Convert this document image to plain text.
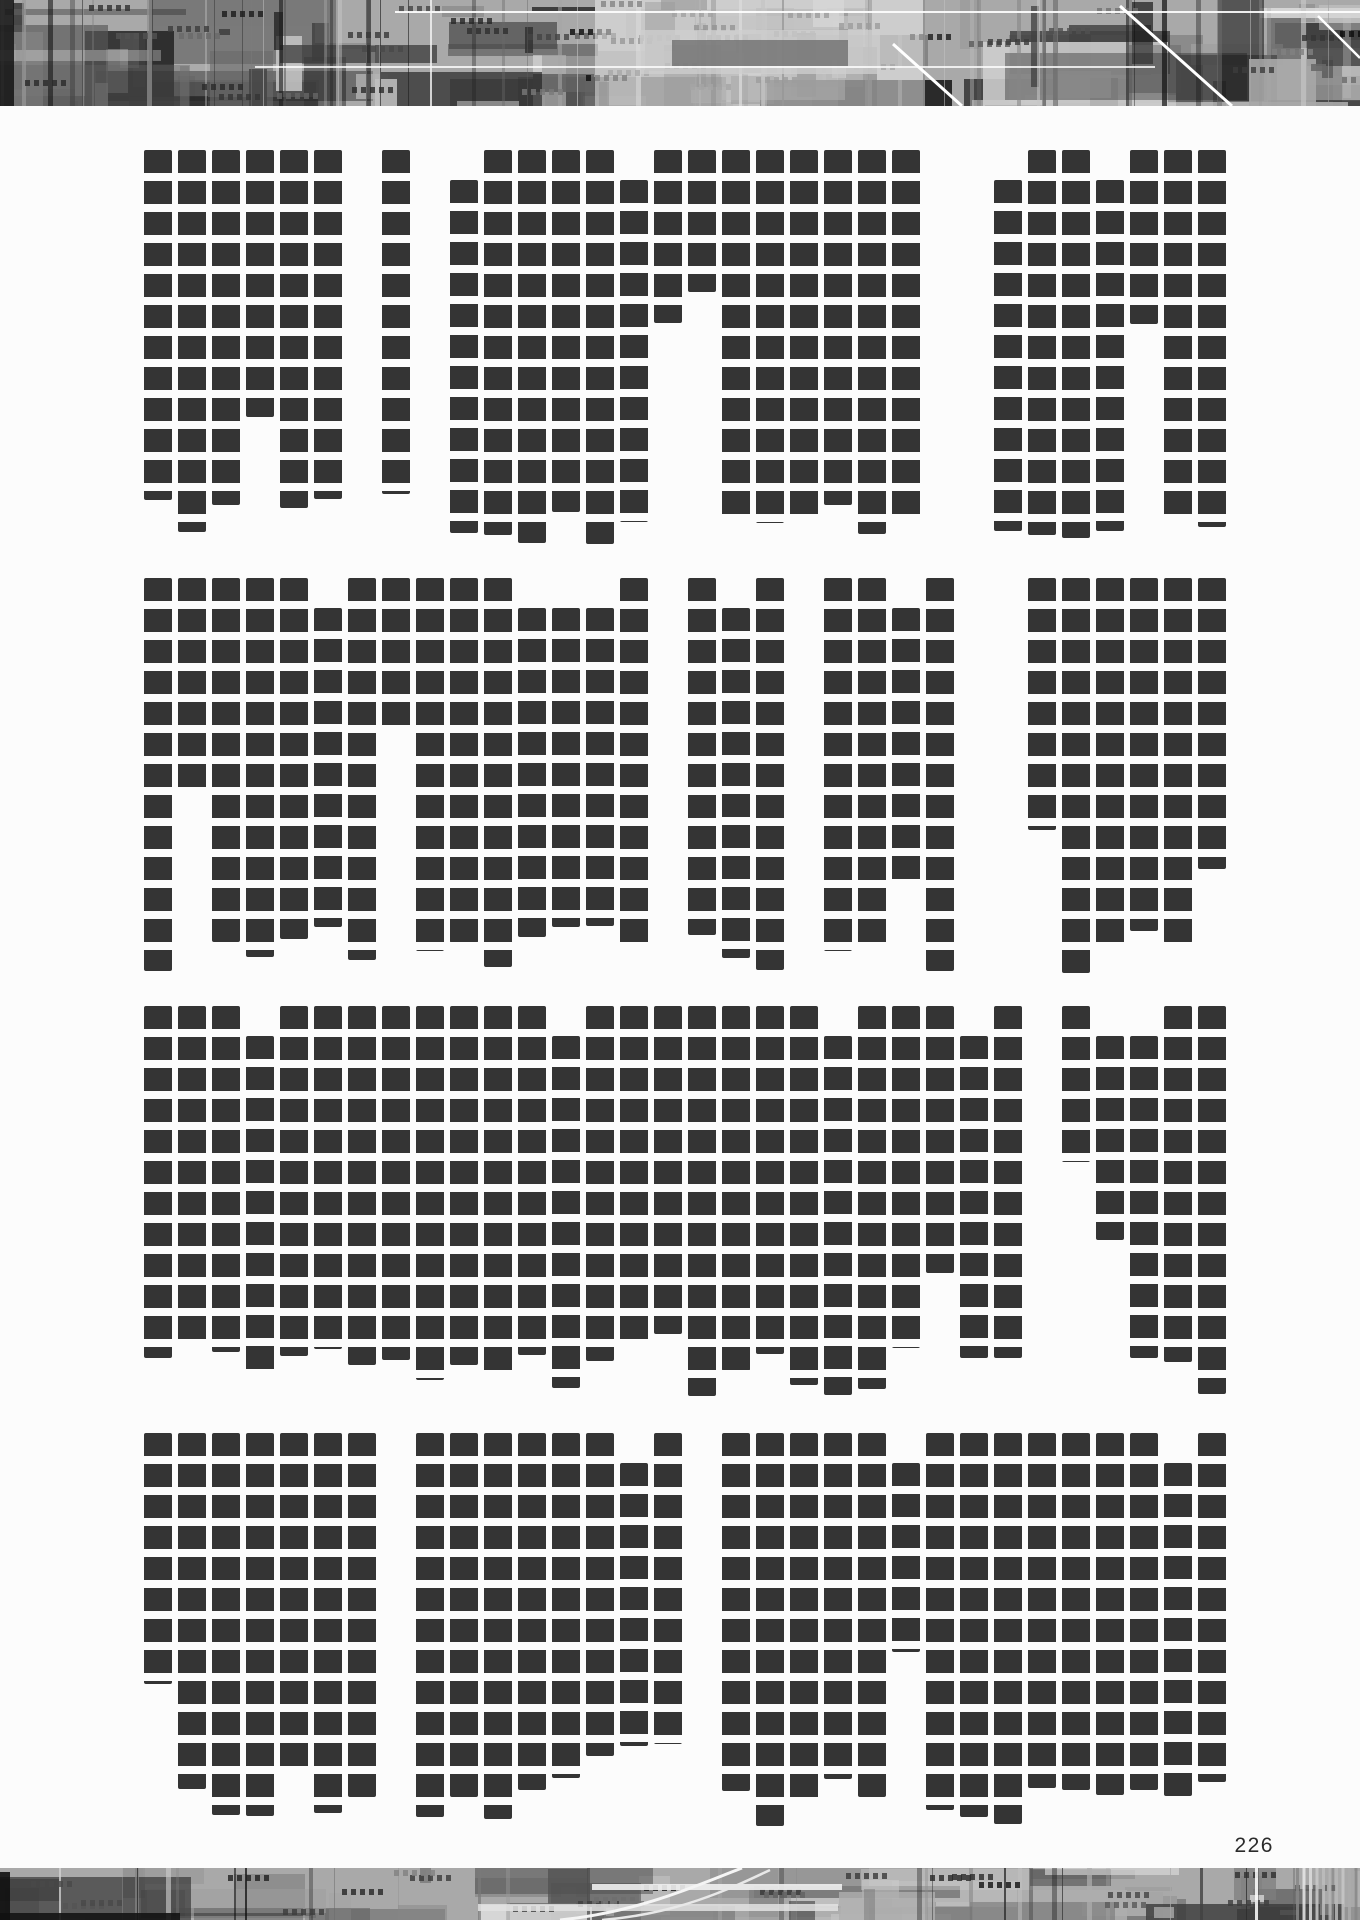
226
